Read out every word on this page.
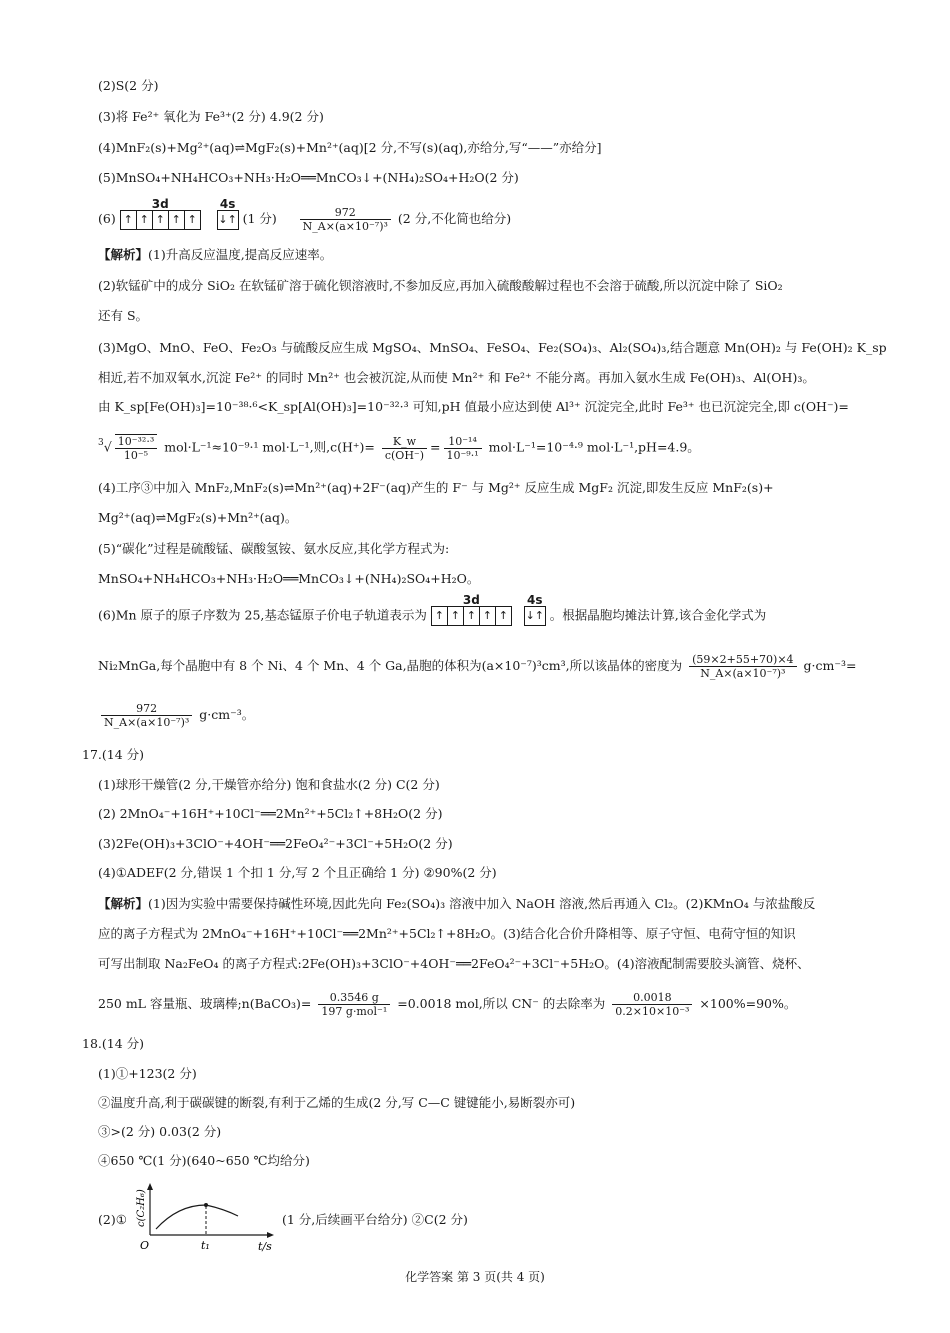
(2)S(2 分)
(3)将 Fe²⁺ 氧化为 Fe³⁺(2 分) 4.9(2 分)
(4)MnF₂(s)+Mg²⁺(aq)⇌MgF₂(s)+Mn²⁺(aq)[2 分,不写(s)(aq),亦给分,写“——”亦给分]
(5)MnSO₄+NH₄HCO₃+NH₃·H₂O══MnCO₃↓+(NH₄)₂SO₄+H₂O(2 分)
(6)
3d
↑ ↑ ↑ ↑ ↑

4s
↓↑ (1 分) $\frac{972}{\text{N\_A×(a×10⁻⁷)³}} (2$ 分,不化简也给分)
【解析】(1)升高反应温度,提高反应速率。
(2)软锰矿中的成分 SiO₂ 在软锰矿溶于硫化钡溶液时,不参加反应,再加入硫酸酸解过程也不会溶于硫酸,所以沉淀中除了 SiO₂
还有 S。
(3)MgO、MnO、FeO、Fe₂O₃ 与硫酸反应生成 MgSO₄、MnSO₄、FeSO₄、Fe₂(SO₄)₃、Al₂(SO₄)₃,结合题意 Mn(OH)₂ 与 Fe(OH)₂ K_sp
相近,若不加双氧水,沉淀 Fe²⁺ 的同时 Mn²⁺ 也会被沉淀,从而使 Mn²⁺ 和 Fe²⁺ 不能分离。再加入氨水生成 Fe(OH)₃、Al(OH)₃。
由 K_sp[Fe(OH)₃]=10⁻³⁸·⁶<K_sp[Al(OH)₃]=10⁻³²·³ 可知,pH 值最小应达到使 Al³⁺ 沉淀完全,此时 Fe³⁺ 也已沉淀完全,即 c(OH⁻)=
$^3√ \frac{\text{10⁻³²·³}}{\text{10⁻⁵}} mol\cdot L^{-1}\approx 10^{-9}\cdot^1$ mol·L⁻¹,则$,c(H^+)= \frac{K\_w}{c(OH^-)} = \frac{\text{10⁻¹⁴}}{\text{10⁻⁹·¹}} mol\cdot L^{-1}=10^{-4}\cdot^9$ mol·L⁻¹,pH=4.9。
(4)工序③中加入 MnF₂,MnF₂(s)⇌Mn²⁺(aq)+2F⁻(aq)产生的 F⁻ 与 Mg²⁺ 反应生成 MgF₂ 沉淀,即发生反应 MnF₂(s)+
Mg²⁺(aq)⇌MgF₂(s)+Mn²⁺(aq)。
(5)“碳化”过程是硫酸锰、碳酸氢铵、氨水反应,其化学方程式为:
MnSO₄+NH₄HCO₃+NH₃·H₂O══MnCO₃↓+(NH₄)₂SO₄+H₂O。
(6)Mn 原子的原子序数为 25,基态锰原子价电子轨道表示为
3d
↑ ↑ ↑ ↑ ↑

4s
↓↑ 。根据晶胞均摊法计算,该合金化学式为
Ni₂MnGa,每个晶胞中有 8 个 Ni、4 个 Mn、4 个 Ga,晶胞的体积为(a×10⁻⁷)³cm³,所以该晶体的密度为 $\frac{(59\times 2+55+70)\times 4}{\text{N\_A×(a×10⁻⁷)³}} g\cdot cm^{-3}=$
$\frac{972}{\text{N\_A×(a×10⁻⁷)³}} g\cdot cm^{-3}$。
17.(14 分)
(1)球形干燥管(2 分,干燥管亦给分) 饱和食盐水(2 分) C(2 分)
(2) 2MnO₄⁻+16H⁺+10Cl⁻══2Mn²⁺+5Cl₂↑+8H₂O(2 分)
(3)2Fe(OH)₃+3ClO⁻+4OH⁻══2FeO₄²⁻+3Cl⁻+5H₂O(2 分)
(4)①ADEF(2 分,错误 1 个扣 1 分,写 2 个且正确给 1 分) ②90%(2 分)
【解析】(1)因为实验中需要保持碱性环境,因此先向 Fe₂(SO₄)₃ 溶液中加入 NaOH 溶液,然后再通入 Cl₂。(2)KMnO₄ 与浓盐酸反
应的离子方程式为 2MnO₄⁻+16H⁺+10Cl⁻══2Mn²⁺+5Cl₂↑+8H₂O。(3)结合化合价升降相等、原子守恒、电荷守恒的知识
可写出制取 Na₂FeO₄ 的离子方程式:2Fe(OH)₃+3ClO⁻+4OH⁻══2FeO₄²⁻+3Cl⁻+5H₂O。(4)溶液配制需要胶头滴管、烧杯、
250 mL 容量瓶、玻璃棒;n(BaCO₃)= $\frac{0.3546 g}{\text{197 g·mol⁻¹}} =0.0018$ mol,所以 CN⁻ 的去除率为 $\frac{0.0018}{\text{0.2×10×10⁻³}} \times 100\%=90\%$。
18.(14 分)
(1)①+123(2 分)
②温度升高,利于碳碳键的断裂,有利于乙烯的生成(2 分,写 C—C 键键能小,易断裂亦可)
③>(2 分) 0.03(2 分)
④650 ℃(1 分)(640~650 ℃均给分)
(2)① c(C₂H₆)
O	t₁	t/s
(1 分,后续画平台给分) ②C(2 分)
化学答案 第 3 页(共 4 页)
